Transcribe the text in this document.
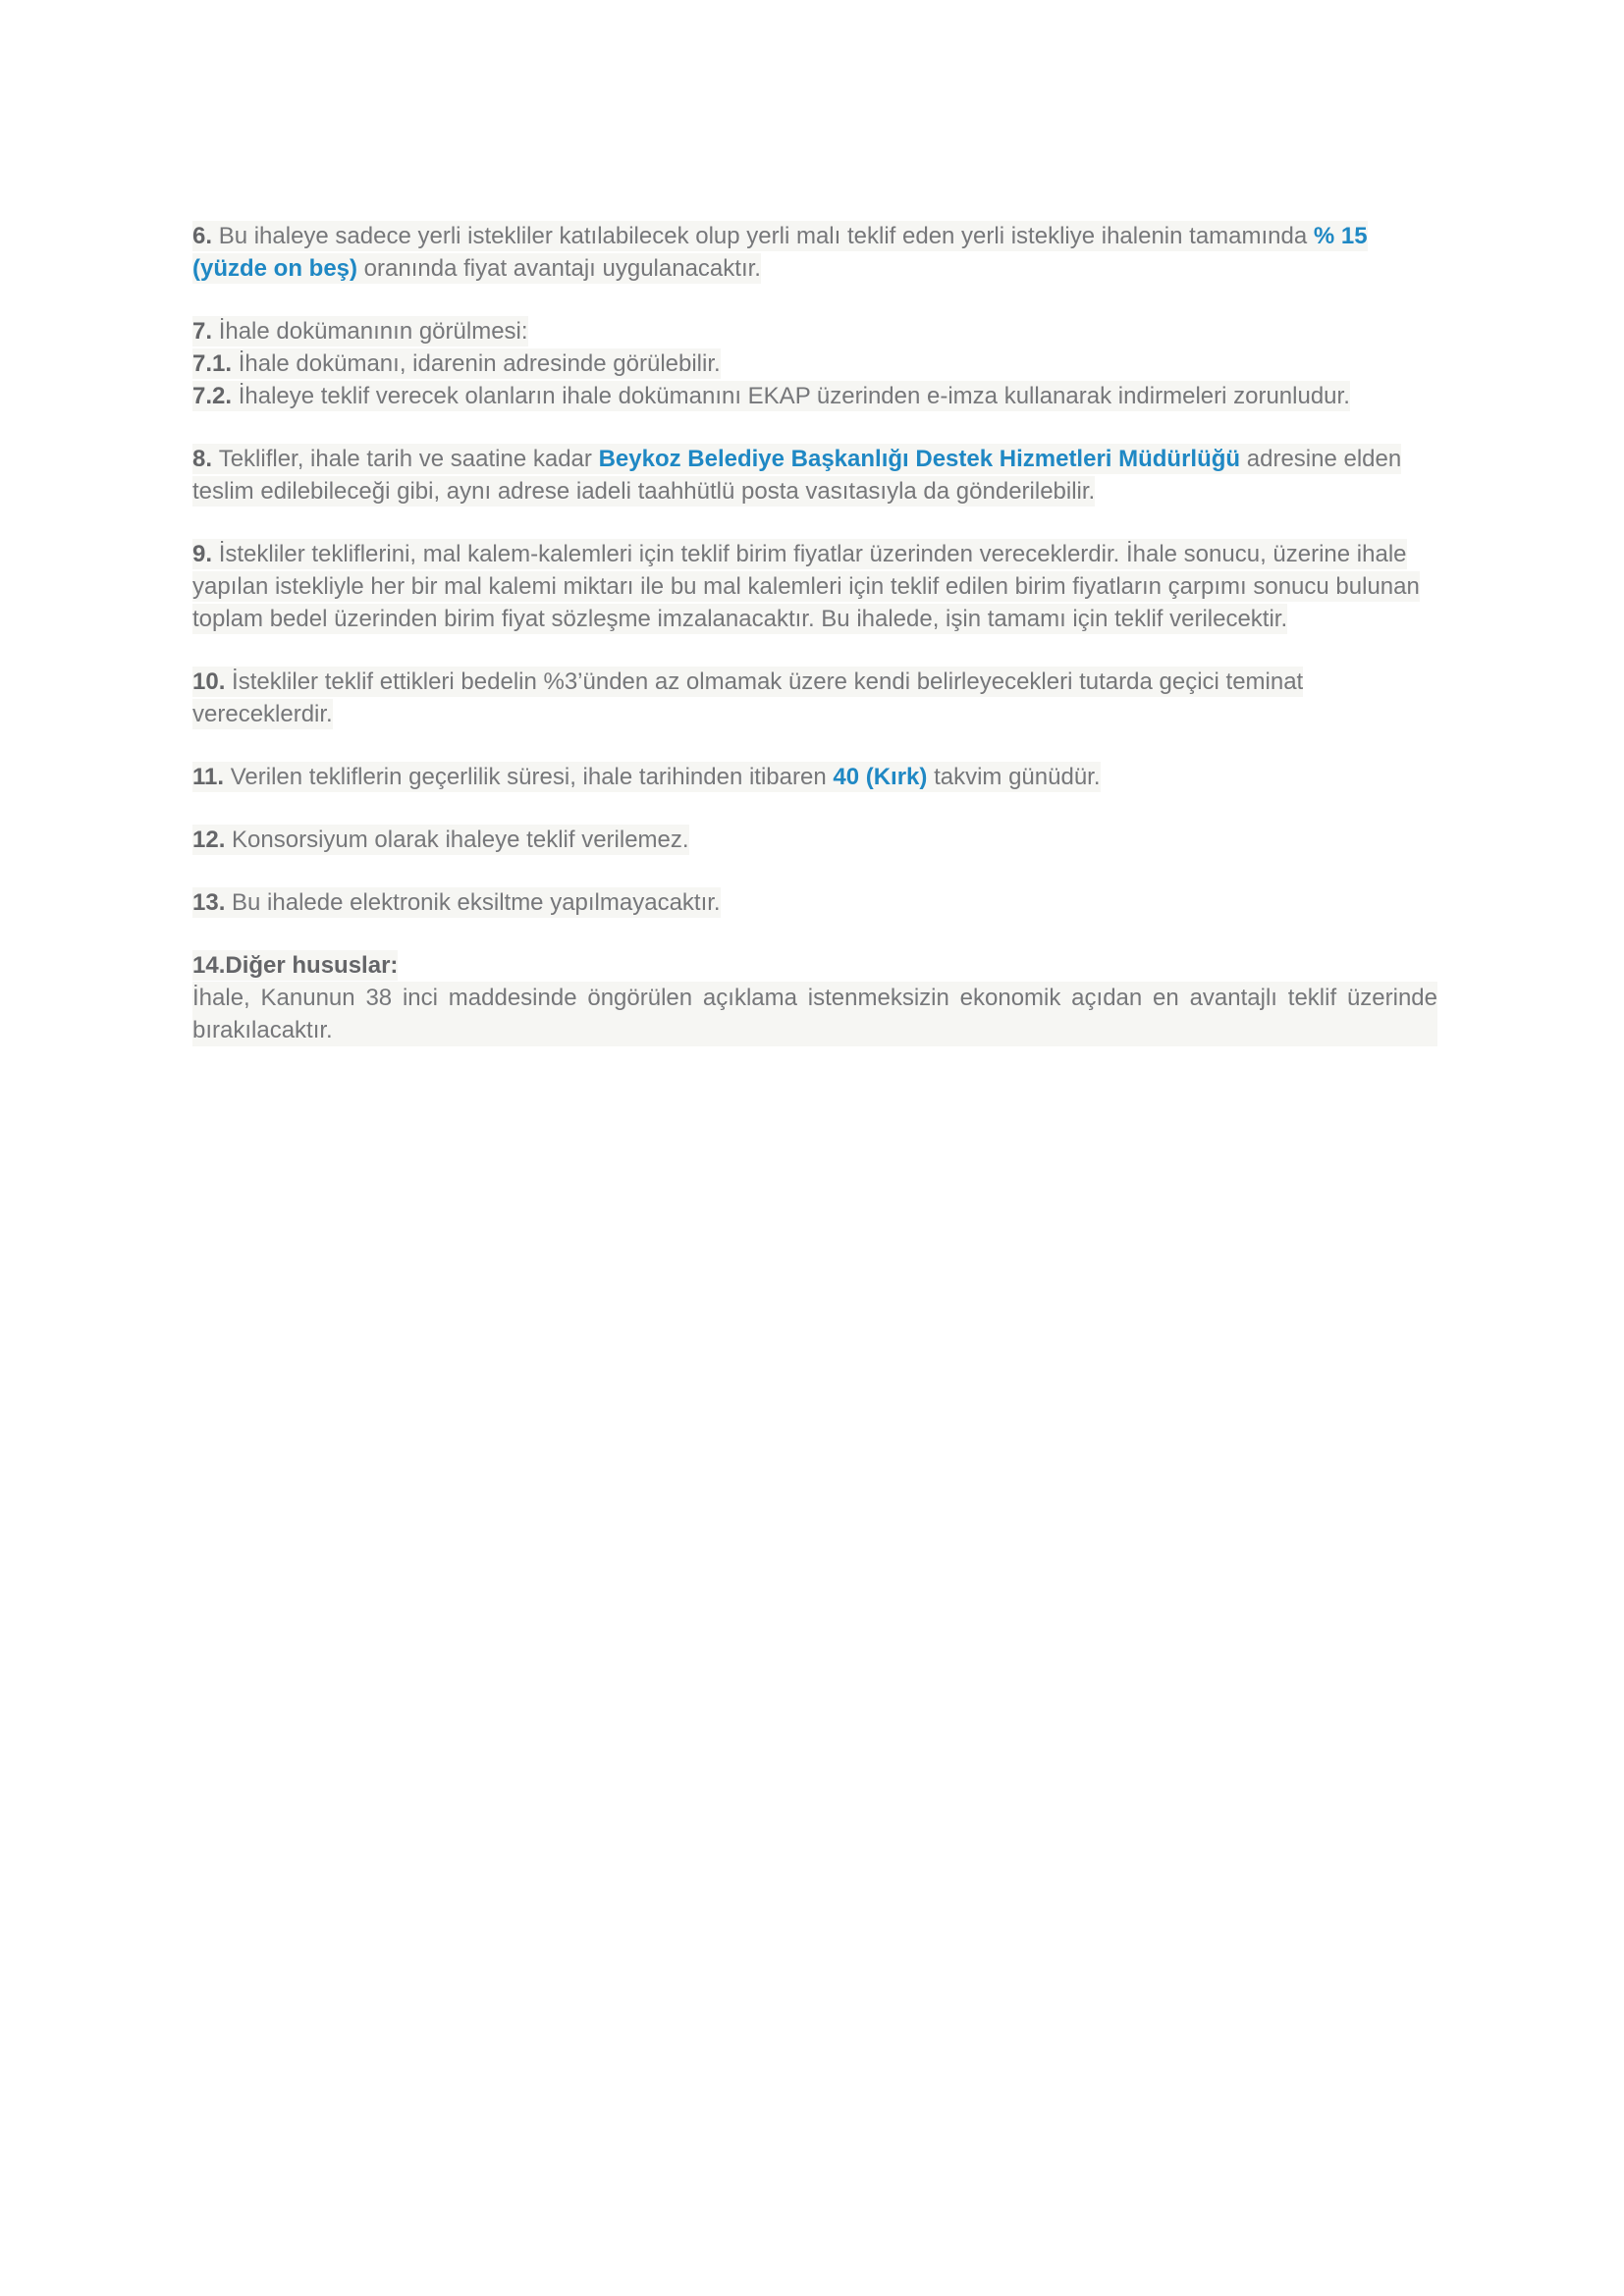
6. Bu ihaleye sadece yerli istekliler katılabilecek olup yerli malı teklif eden yerli istekliye ihalenin tamamında % 15 (yüzde on beş) oranında fiyat avantajı uygulanacaktır.

7. İhale dokümanının görülmesi:
7.1. İhale dokümanı, idarenin adresinde görülebilir.
7.2. İhaleye teklif verecek olanların ihale dokümanını EKAP üzerinden e-imza kullanarak indirmeleri zorunludur.

8. Teklifler, ihale tarih ve saatine kadar Beykoz Belediye Başkanlığı Destek Hizmetleri Müdürlüğü adresine elden teslim edilebileceği gibi, aynı adrese iadeli taahhütlü posta vasıtasıyla da gönderilebilir.

9. İstekliler tekliflerini, mal kalem-kalemleri için teklif birim fiyatlar üzerinden vereceklerdir. İhale sonucu, üzerine ihale yapılan istekliyle her bir mal kalemi miktarı ile bu mal kalemleri için teklif edilen birim fiyatların çarpımı sonucu bulunan toplam bedel üzerinden birim fiyat sözleşme imzalanacaktır. Bu ihalede, işin tamamı için teklif verilecektir.

10. İstekliler teklif ettikleri bedelin %3’ünden az olmamak üzere kendi belirleyecekleri tutarda geçici teminat vereceklerdir.

11. Verilen tekliflerin geçerlilik süresi, ihale tarihinden itibaren 40 (Kırk) takvim günüdür.

12. Konsorsiyum olarak ihaleye teklif verilemez.

13. Bu ihalede elektronik eksiltme yapılmayacaktır.

14.Diğer hususlar:

İhale, Kanunun 38 inci maddesinde öngörülen açıklama istenmeksizin ekonomik açıdan en avantajlı teklif üzerinde bırakılacaktır.
